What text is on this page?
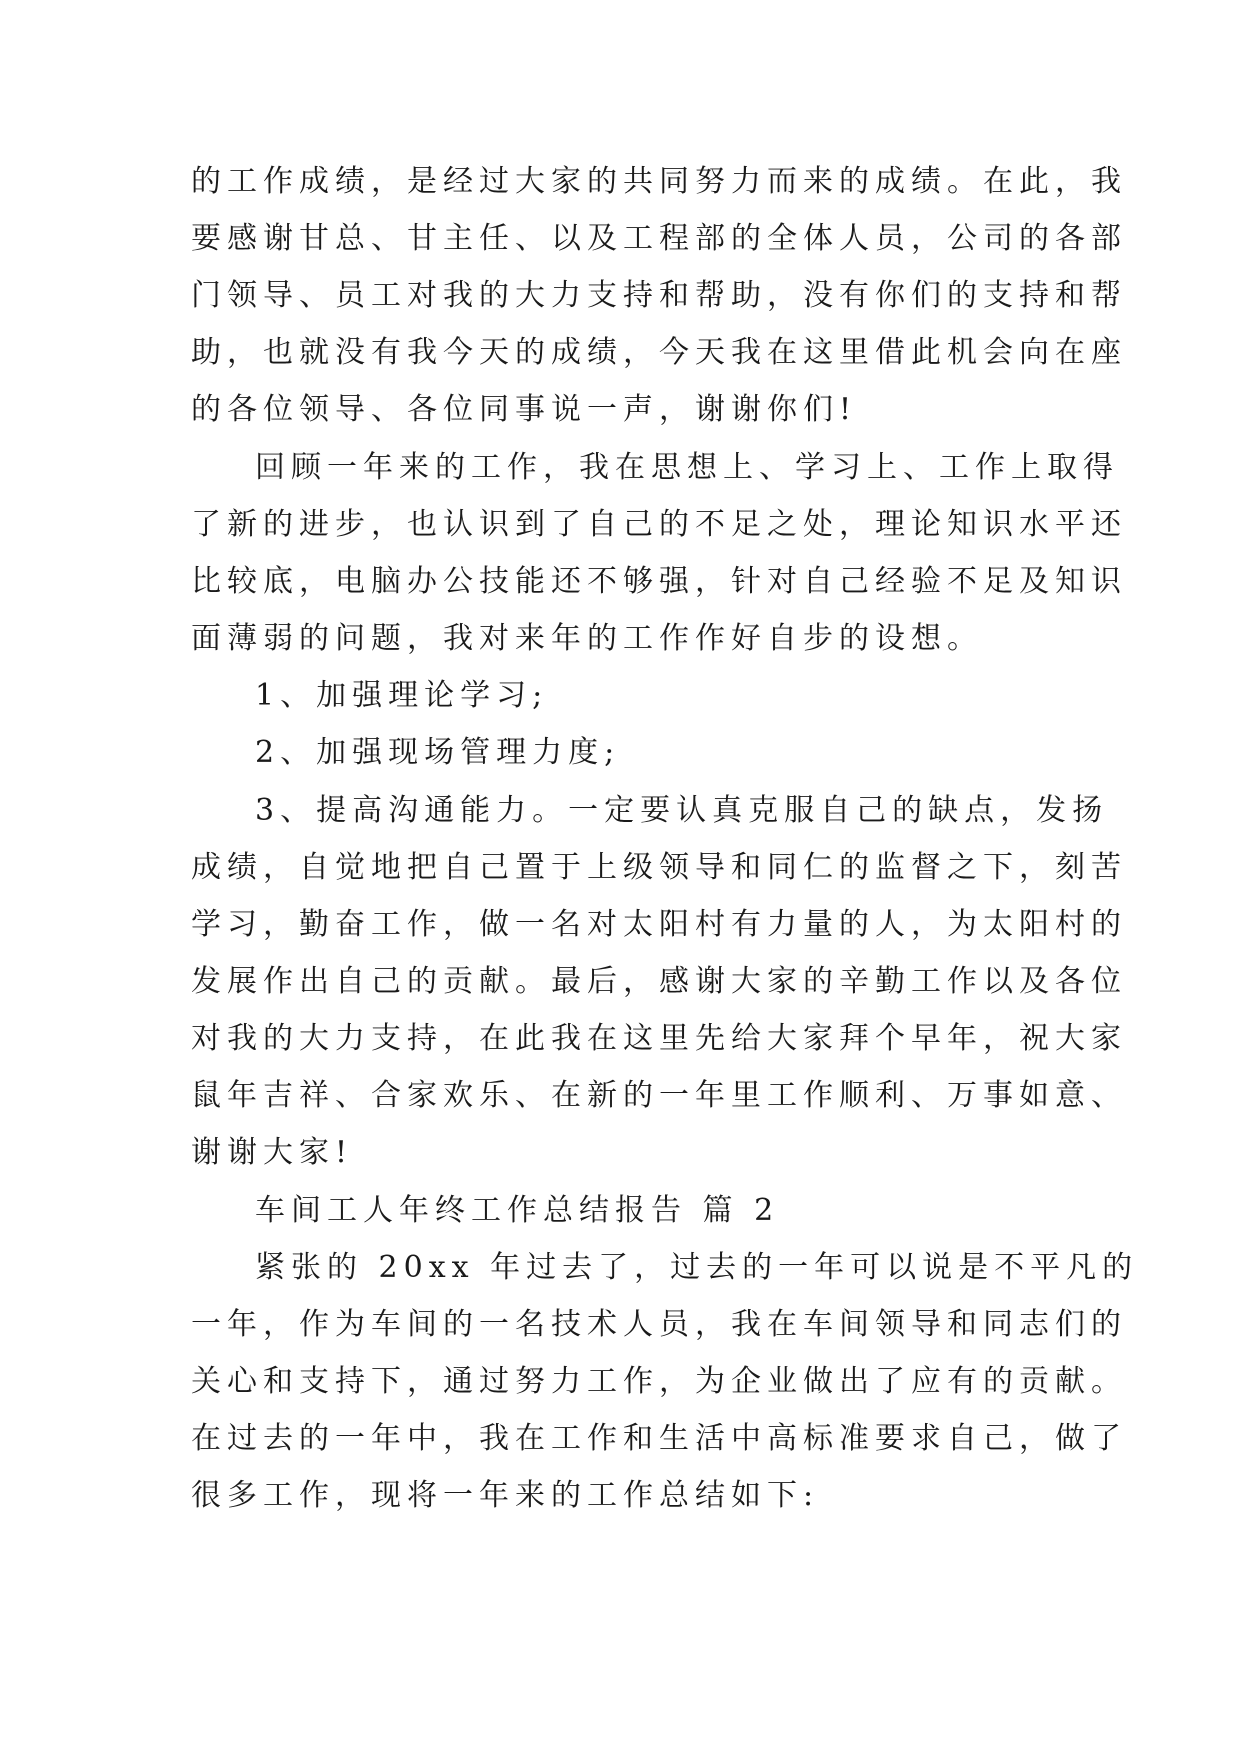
的工作成绩，是经过大家的共同努力而来的成绩。在此，我
要感谢甘总、甘主任、以及工程部的全体人员，公司的各部
门领导、员工对我的大力支持和帮助，没有你们的支持和帮
助，也就没有我今天的成绩，今天我在这里借此机会向在座
的各位领导、各位同事说一声，谢谢你们!
回顾一年来的工作，我在思想上、学习上、工作上取得
了新的进步，也认识到了自己的不足之处，理论知识水平还
比较底，电脑办公技能还不够强，针对自己经验不足及知识
面薄弱的问题，我对来年的工作作好自步的设想。
1、加强理论学习;
2、加强现场管理力度;
3、提高沟通能力。一定要认真克服自己的缺点，发扬
成绩，自觉地把自己置于上级领导和同仁的监督之下，刻苦
学习，勤奋工作，做一名对太阳村有力量的人，为太阳村的
发展作出自己的贡献。最后，感谢大家的辛勤工作以及各位
对我的大力支持，在此我在这里先给大家拜个早年，祝大家
鼠年吉祥、合家欢乐、在新的一年里工作顺利、万事如意、
谢谢大家!
车间工人年终工作总结报告 篇 2
紧张的 20xx 年过去了，过去的一年可以说是不平凡的
一年，作为车间的一名技术人员，我在车间领导和同志们的
关心和支持下，通过努力工作，为企业做出了应有的贡献。
在过去的一年中，我在工作和生活中高标准要求自己，做了
很多工作，现将一年来的工作总结如下:
